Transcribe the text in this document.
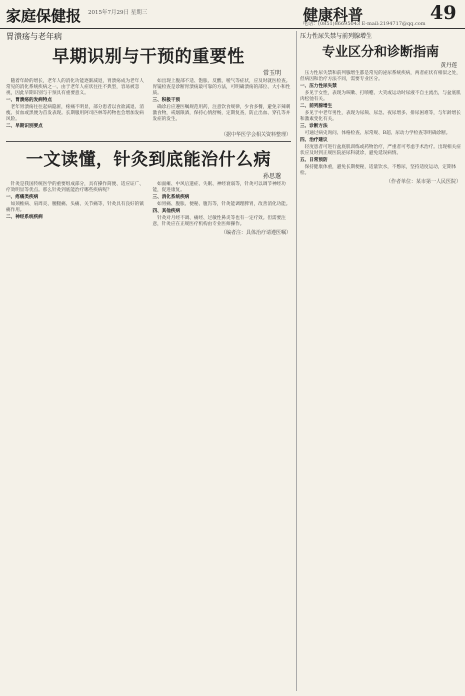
家庭保健报 2015年7月29日 星期三	健康科普	49
电话：(0851)86695043 E-mail:2194717@qq.com

胃溃疡与老年病

早期识别与干预的重要性

常玉明

随着年龄的增长，老年人的消化功能逐渐减退，胃溃疡成为老年人常见的消化系统疾病之一。由于老年人症状往往不典型，容易被忽视，因此早期识别与干预具有重要意义。

一、胃溃疡的发病特点

老年胃溃疡往往起病隐匿，疼痛不明显，部分患者以食欲减退、消瘦、贫血或黑便为首发表现。长期服用阿司匹林等药物也会增加发病风险。

二、早期识别要点

如出现上腹部不适、饱胀、反酸、嗳气等症状，应及时就医检查。胃镜检查是诊断胃溃疡最可靠的方法，可明确溃疡的部位、大小和性质。

三、积极干预

确诊后应遵医嘱规范用药，注意饮食规律，少食多餐，避免辛辣刺激食物，戒烟限酒，保持心情舒畅，定期复查，防止出血、穿孔等并发症的发生。

（据中华医学会相关资料整理）

一文读懂，针灸到底能治什么病

孙思邈

针灸是我国传统医学的重要组成部分，具有操作简便、适应证广、疗效明显等优点。那么针灸到底能治疗哪些疾病呢？

一、疼痛类疾病

如颈椎病、肩周炎、腰腿痛、头痛、关节痛等，针灸具有良好的镇痛作用。

二、神经系统疾病

如面瘫、中风后遗症、失眠、神经衰弱等，针灸可以调节神经功能，促进康复。

三、消化系统疾病

如胃痛、腹胀、便秘、腹泻等，针灸能调理脾胃，改善消化功能。

四、其他疾病

针灸对月经不调、痛经、过敏性鼻炎等也有一定疗效。但需要注意，针灸应在正规医疗机构由专业医师操作。

（编者注：具体治疗请遵医嘱）

压力性尿失禁与前列腺增生

专业区分和诊断指南

黄丹莲

压力性尿失禁和前列腺增生都是常见的泌尿系统疾病，两者症状有相似之处，但病因和治疗方法不同，需要专业区分。

一、压力性尿失禁

多见于女性，表现为咳嗽、打喷嚏、大笑或运动时尿液不自主流出，与盆底肌肉松弛有关。

二、前列腺增生

多见于中老年男性，表现为尿频、尿急、夜尿增多、排尿困难等，与年龄增长和激素变化有关。

三、诊断方法

可通过病史询问、体格检查、尿常规、B超、尿动力学检查等明确诊断。

四、治疗建议

轻度患者可进行盆底肌训练或药物治疗，严重者可考虑手术治疗。出现相关症状应及时到正规医院泌尿科就诊，避免延误病情。

五、日常预防

保持健康体重，避免长期便秘，适量饮水，不憋尿，坚持适度运动，定期体检。

（作者单位：某市第一人民医院）
